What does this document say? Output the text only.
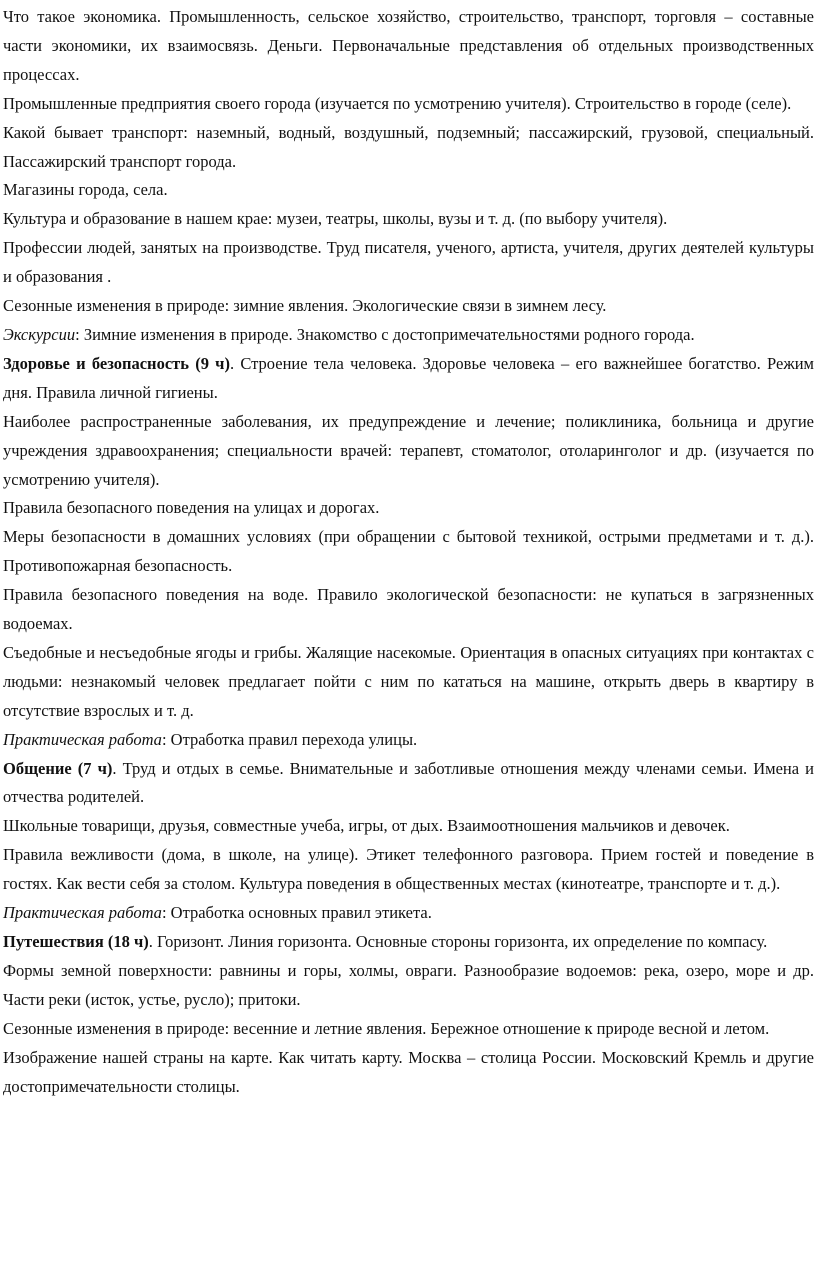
Что такое экономика. Промышленность, сельское хозяйство, строительство, транспорт, торговля – составные части экономики, их взаимосвязь. Деньги. Первоначальные представления об отдельных производственных процессах.

Промышленные предприятия своего города (изучается по усмотрению учителя). Строительство в городе (селе).

Какой бывает транспорт: наземный, водный, воздушный, подземный; пассажирский, грузовой, специальный. Пассажирский транспорт города.

Магазины города, села.

Культура и образование в нашем крае: музеи, театры, школы, вузы и т. д. (по выбору учителя).

Профессии людей, занятых на производстве. Труд писателя, ученого, артиста, учителя, других деятелей культуры и образования .

Сезонные изменения в природе: зимние явления. Экологические связи в зимнем лесу.

Экскурсии: Зимние изменения в природе. Знакомство с достопримечательностями родного города.

Здоровье и безопасность (9 ч). Строение тела человека. Здоровье человека – его важнейшее богатство. Режим дня. Правила личной гигиены.

Наиболее распространенные заболевания, их предупреждение и лечение; поликлиника, больница и другие учреждения здравоохранения; специальности врачей: терапевт, стоматолог, отоларинголог и др. (изучается по усмотрению учителя).

Правила безопасного поведения на улицах и дорогах.

Меры безопасности в домашних условиях (при обращении с бытовой техникой, острыми предметами и т. д.). Противопожарная безопасность.

Правила безопасного поведения на воде. Правило экологической безопасности: не купаться в загрязненных водоемах.

Съедобные и несъедобные ягоды и грибы. Жалящие насекомые. Ориентация в опасных ситуациях при контактах с людьми: незнакомый человек предлагает пойти с ним по кататься на машине, открыть дверь в квартиру в отсутствие взрослых и т. д.

Практическая работа: Отработка правил перехода улицы.

Общение (7 ч). Труд и отдых в семье. Внимательные и заботливые отношения между членами семьи. Имена и отчества родителей.

Школьные товарищи, друзья, совместные учеба, игры, от дых. Взаимоотношения мальчиков и девочек.

Правила вежливости (дома, в школе, на улице). Этикет телефонного разговора. Прием гостей и поведение в гостях. Как вести себя за столом. Культура поведения в общественных местах (кинотеатре, транспорте и т. д.).

Практическая работа: Отработка основных правил этикета.

Путешествия (18 ч). Горизонт. Линия горизонта. Основные стороны горизонта, их определение по компасу.

Формы земной поверхности: равнины и горы, холмы, овраги. Разнообразие водоемов: река, озеро, море и др. Части реки (исток, устье, русло); притоки.

Сезонные изменения в природе: весенние и летние явления. Бережное отношение к природе весной и летом.

Изображение нашей страны на карте. Как читать карту. Москва – столица России. Московский Кремль и другие достопримечательности столицы.
